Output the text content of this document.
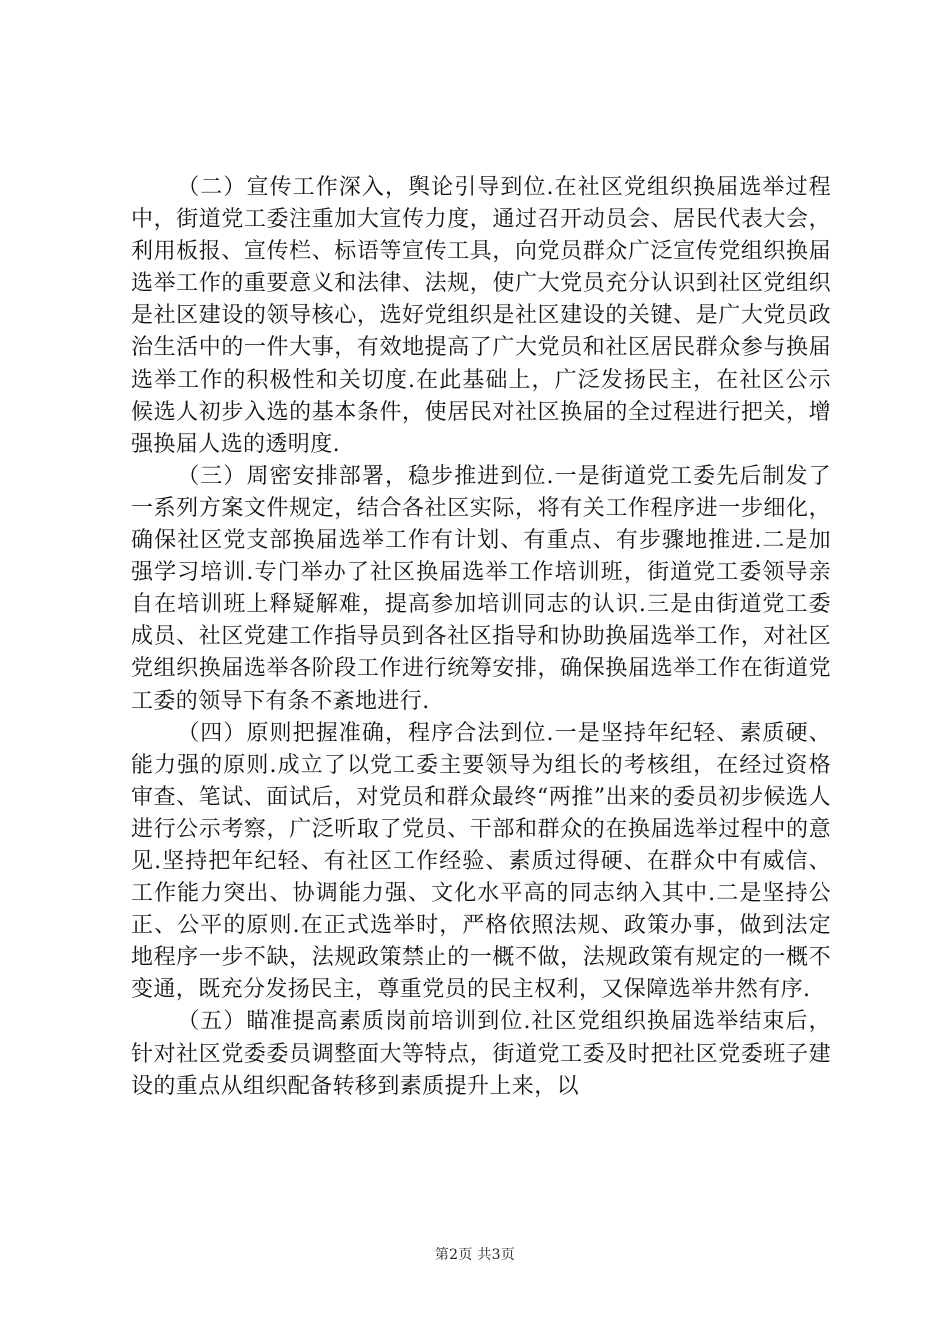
（二）宣传工作深入，舆论引导到位.在社区党组织换届选举过程中，街道党工委注重加大宣传力度，通过召开动员会、居民代表大会，利用板报、宣传栏、标语等宣传工具，向党员群众广泛宣传党组织换届选举工作的重要意义和法律、法规，使广大党员充分认识到社区党组织是社区建设的领导核心，选好党组织是社区建设的关键、是广大党员政治生活中的一件大事，有效地提高了广大党员和社区居民群众参与换届选举工作的积极性和关切度.在此基础上，广泛发扬民主，在社区公示候选人初步入选的基本条件，使居民对社区换届的全过程进行把关，增强换届人选的透明度.

（三）周密安排部署，稳步推进到位.一是街道党工委先后制发了一系列方案文件规定，结合各社区实际，将有关工作程序进一步细化，确保社区党支部换届选举工作有计划、有重点、有步骤地推进.二是加强学习培训.专门举办了社区换届选举工作培训班，街道党工委领导亲自在培训班上释疑解难，提高参加培训同志的认识.三是由街道党工委成员、社区党建工作指导员到各社区指导和协助换届选举工作，对社区党组织换届选举各阶段工作进行统筹安排，确保换届选举工作在街道党工委的领导下有条不紊地进行.

（四）原则把握准确，程序合法到位.一是坚持年纪轻、素质硬、能力强的原则.成立了以党工委主要领导为组长的考核组，在经过资格审查、笔试、面试后，对党员和群众最终“两推”出来的委员初步候选人进行公示考察，广泛听取了党员、干部和群众的在换届选举过程中的意见.坚持把年纪轻、有社区工作经验、素质过得硬、在群众中有威信、工作能力突出、协调能力强、文化水平高的同志纳入其中.二是坚持公正、公平的原则.在正式选举时，严格依照法规、政策办事，做到法定地程序一步不缺，法规政策禁止的一概不做，法规政策有规定的一概不变通，既充分发扬民主，尊重党员的民主权利，又保障选举井然有序.

（五）瞄准提高素质岗前培训到位.社区党组织换届选举结束后，针对社区党委委员调整面大等特点，街道党工委及时把社区党委班子建设的重点从组织配备转移到素质提升上来，以

第2页 共3页
